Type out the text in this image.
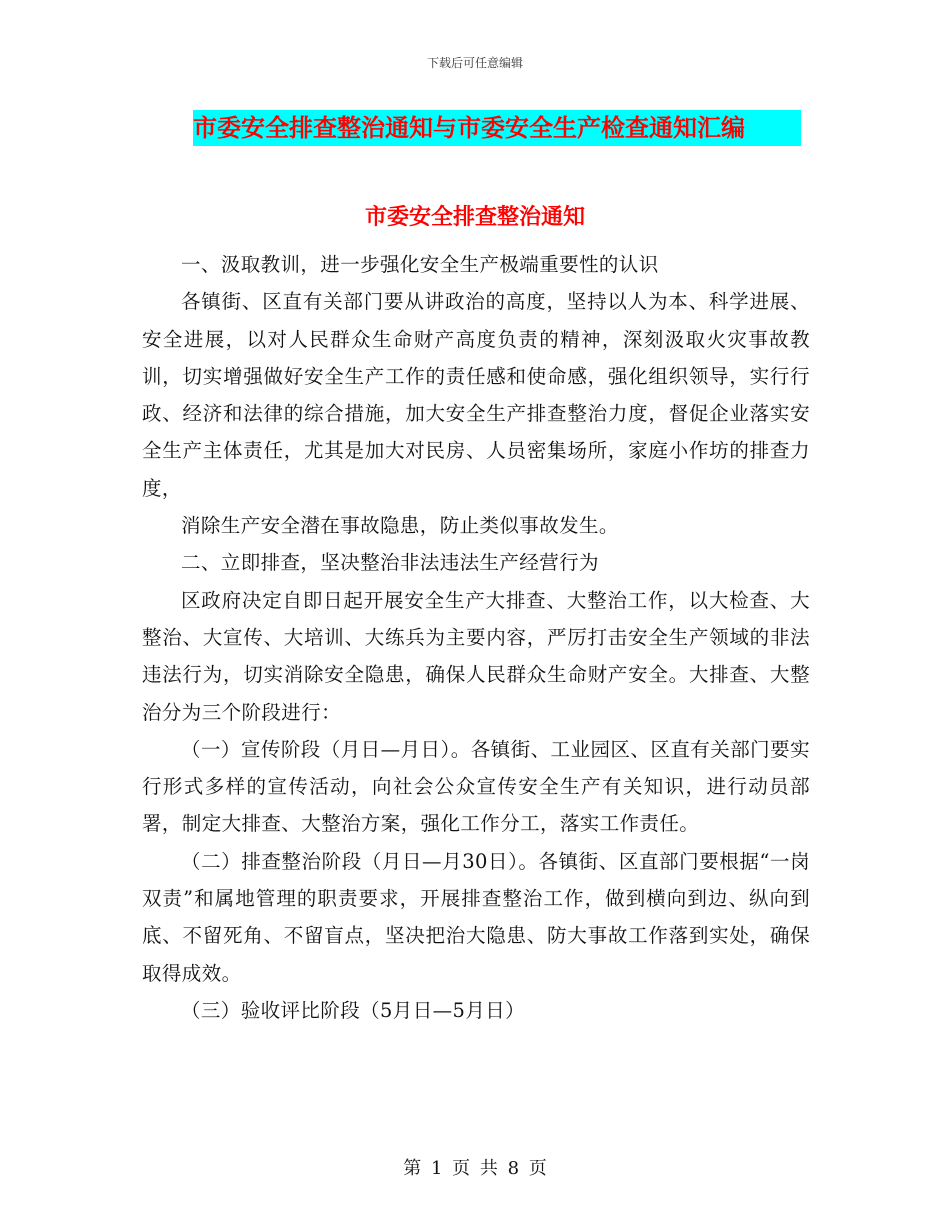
下载后可任意编辑
市委安全排查整治通知与市委安全生产检查通知汇编
市委安全排查整治通知

一、汲取教训，进一步强化安全生产极端重要性的认识

各镇街、区直有关部门要从讲政治的高度，坚持以人为本、科学进展、安全进展，以对人民群众生命财产高度负责的精神，深刻汲取火灾事故教训，切实增强做好安全生产工作的责任感和使命感，强化组织领导，实行行政、经济和法律的综合措施，加大安全生产排查整治力度，督促企业落实安全生产主体责任，尤其是加大对民房、人员密集场所，家庭小作坊的排查力度，

消除生产安全潜在事故隐患，防止类似事故发生。

二、立即排查，坚决整治非法违法生产经营行为

区政府决定自即日起开展安全生产大排查、大整治工作，以大检查、大整治、大宣传、大培训、大练兵为主要内容，严厉打击安全生产领域的非法违法行为，切实消除安全隐患，确保人民群众生命财产安全。大排查、大整治分为三个阶段进行：

（一）宣传阶段（月日—月日）。各镇街、工业园区、区直有关部门要实行形式多样的宣传活动，向社会公众宣传安全生产有关知识，进行动员部署，制定大排查、大整治方案，强化工作分工，落实工作责任。

（二）排查整治阶段（月日—月30日）。各镇街、区直部门要根据“一岗双责”和属地管理的职责要求，开展排查整治工作，做到横向到边、纵向到底、不留死角、不留盲点，坚决把治大隐患、防大事故工作落到实处，确保取得成效。

（三）验收评比阶段（5月日—5月日）

第 1 页 共 8 页
